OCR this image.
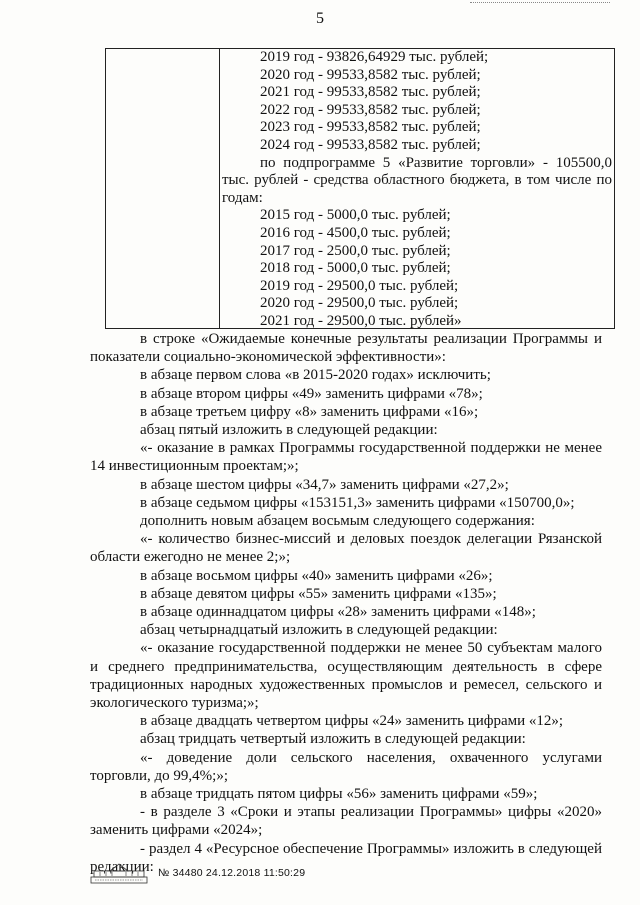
5
2019 год - 93826,64929 тыс. рублей;
2020 год - 99533,8582 тыс. рублей;
2021 год - 99533,8582 тыс. рублей;
2022 год - 99533,8582 тыс. рублей;
2023 год - 99533,8582 тыс. рублей;
2024 год - 99533,8582 тыс. рублей;
по подпрограмме 5 «Развитие торговли» - 105500,0
тыс. рублей - средства областного бюджета, в том числе по
годам:
2015 год - 5000,0 тыс. рублей;
2016 год - 4500,0 тыс. рублей;
2017 год - 2500,0 тыс. рублей;
2018 год - 5000,0 тыс. рублей;
2019 год - 29500,0 тыс. рублей;
2020 год - 29500,0 тыс. рублей;
2021 год - 29500,0 тыс. рублей»
в строке «Ожидаемые конечные результаты реализации Программы и
показатели социально-экономической эффективности»:
в абзаце первом слова «в 2015-2020 годах» исключить;
в абзаце втором цифры «49» заменить цифрами «78»;
в абзаце третьем цифру «8» заменить цифрами «16»;
абзац пятый изложить в следующей редакции:
«- оказание в рамках Программы государственной поддержки не менее
14 инвестиционным проектам;»;
в абзаце шестом цифры «34,7» заменить цифрами «27,2»;
в абзаце седьмом цифры «153151,3» заменить цифрами «150700,0»;
дополнить новым абзацем восьмым следующего содержания:
«- количество бизнес-миссий и деловых поездок делегации Рязанской
области ежегодно не менее 2;»;
в абзаце восьмом цифры «40» заменить цифрами «26»;
в абзаце девятом цифры «55» заменить цифрами «135»;
в абзаце одиннадцатом цифры «28» заменить цифрами «148»;
абзац четырнадцатый изложить в следующей редакции:
«- оказание государственной поддержки не менее 50 субъектам малого
и среднего предпринимательства, осуществляющим деятельность в сфере
традиционных народных художественных промыслов и ремесел, сельского и
экологического туризма;»;
в абзаце двадцать четвертом цифры «24» заменить цифрами «12»;
абзац тридцать четвертый изложить в следующей редакции:
«- доведение доли сельского населения, охваченного услугами
торговли, до 99,4%;»;
в абзаце тридцать пятом цифры «56» заменить цифрами «59»;
- в разделе 3 «Сроки и этапы реализации Программы» цифры «2020»
заменить цифрами «2024»;
- раздел 4 «Ресурсное обеспечение Программы» изложить в следующей
редакции: № 34480 24.12.2018 11:50:29
